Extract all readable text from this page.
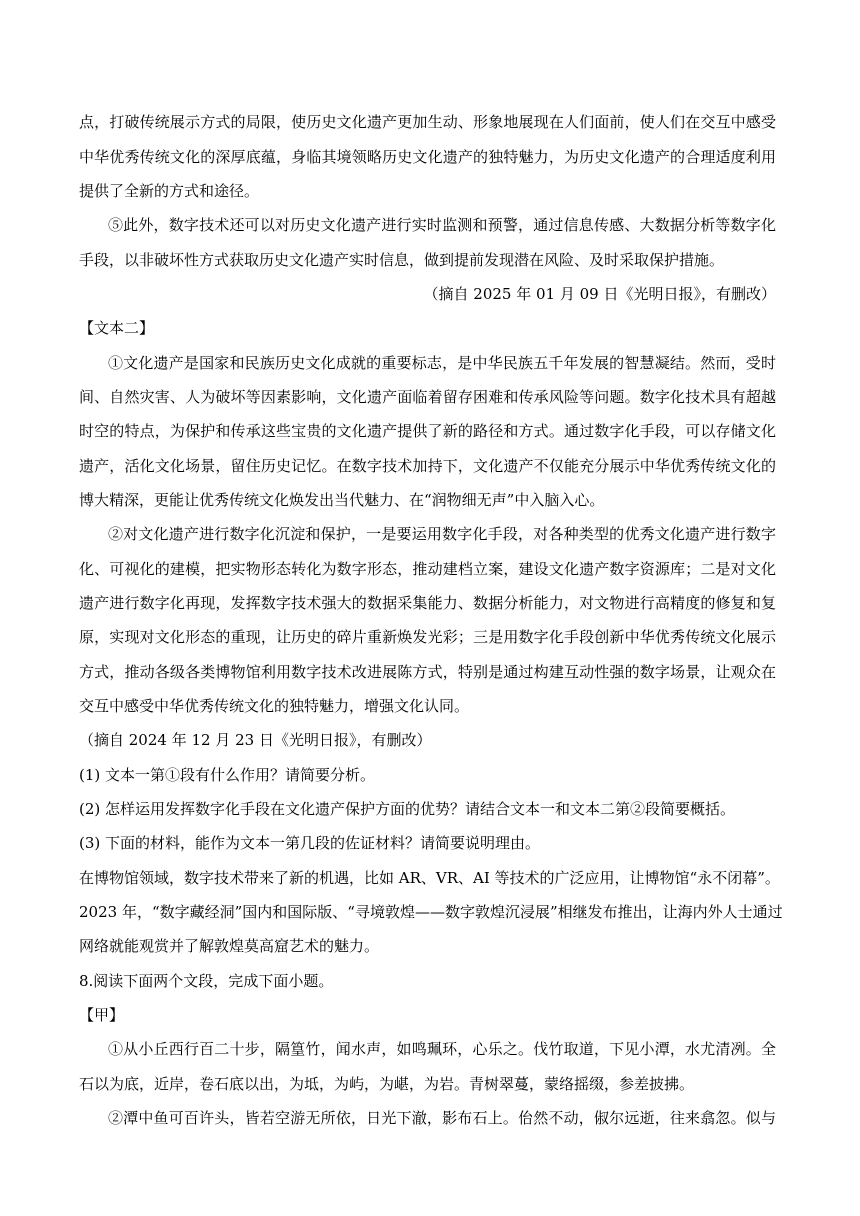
点，打破传统展示方式的局限，使历史文化遗产更加生动、形象地展现在人们面前，使人们在交互中感受
中华优秀传统文化的深厚底蕴，身临其境领略历史文化遗产的独特魅力，为历史文化遗产的合理适度利用
提供了全新的方式和途径。
⑤此外，数字技术还可以对历史文化遗产进行实时监测和预警，通过信息传感、大数据分析等数字化
手段，以非破坏性方式获取历史文化遗产实时信息，做到提前发现潜在风险、及时采取保护措施。
（摘自 2025 年 01 月 09 日《光明日报》，有删改）
【文本二】
①文化遗产是国家和民族历史文化成就的重要标志，是中华民族五千年发展的智慧凝结。然而，受时
间、自然灾害、人为破坏等因素影响，文化遗产面临着留存困难和传承风险等问题。数字化技术具有超越
时空的特点，为保护和传承这些宝贵的文化遗产提供了新的路径和方式。通过数字化手段，可以存储文化
遗产，活化文化场景，留住历史记忆。在数字技术加持下，文化遗产不仅能充分展示中华优秀传统文化的
博大精深，更能让优秀传统文化焕发出当代魅力、在“润物细无声”中入脑入心。
②对文化遗产进行数字化沉淀和保护，一是要运用数字化手段，对各种类型的优秀文化遗产进行数字
化、可视化的建模，把实物形态转化为数字形态，推动建档立案，建设文化遗产数字资源库；二是对文化
遗产进行数字化再现，发挥数字技术强大的数据采集能力、数据分析能力，对文物进行高精度的修复和复
原，实现对文化形态的重现，让历史的碎片重新焕发光彩；三是用数字化手段创新中华优秀传统文化展示
方式，推动各级各类博物馆利用数字技术改进展陈方式，特别是通过构建互动性强的数字场景，让观众在
交互中感受中华优秀传统文化的独特魅力，增强文化认同。
（摘自 2024 年 12 月 23 日《光明日报》，有删改）
(1) 文本一第①段有什么作用？请简要分析。
(2) 怎样运用发挥数字化手段在文化遗产保护方面的优势？请结合文本一和文本二第②段简要概括。
(3) 下面的材料，能作为文本一第几段的佐证材料？请简要说明理由。
在博物馆领域，数字技术带来了新的机遇，比如 AR、VR、AI 等技术的广泛应用，让博物馆“永不闭幕”。
2023 年，“数字藏经洞”国内和国际版、“寻境敦煌——数字敦煌沉浸展”相继发布推出，让海内外人士通过
网络就能观赏并了解敦煌莫高窟艺术的魅力。
8.阅读下面两个文段，完成下面小题。
【甲】
①从小丘西行百二十步，隔篁竹，闻水声，如鸣珮环，心乐之。伐竹取道，下见小潭，水尤清冽。全
石以为底，近岸，卷石底以出，为坻，为屿，为嵁，为岩。青树翠蔓，蒙络摇缀，参差披拂。
②潭中鱼可百许头，皆若空游无所依，日光下澈，影布石上。佁然不动，俶尔远逝，往来翕忽。似与
